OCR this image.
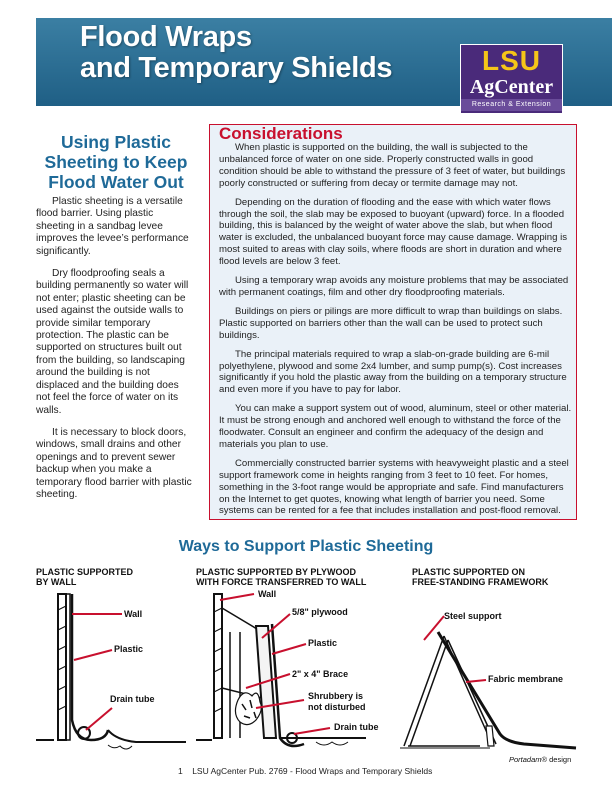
Flood Wraps
and Temporary Shields	LSU
AgCenter
Research & Extension
Using Plastic Sheeting to Keep Flood Water Out

Plastic sheeting is a versatile flood barrier. Using plastic sheeting in a sandbag levee improves the levee’s performance significantly.

Dry floodproofing seals a building permanently so water will not enter; plastic sheeting can be used against the outside walls to provide similar temporary protection. The plastic can be supported on structures built out from the building, so landscaping around the building is not displaced and the building does not feel the force of water on its walls.

It is necessary to block doors, windows, small drains and other openings and to prevent sewer backup when you make a temporary flood barrier with plastic sheeting.

Considerations

When plastic is supported on the building, the wall is subjected to the unbalanced force of water on one side. Properly constructed walls in good condition should be able to withstand the pressure of 3 feet of water, but buildings poorly constructed or suffering from decay or termite damage may not.

Depending on the duration of flooding and the ease with which water flows through the soil, the slab may be exposed to buoyant (upward) force. In a flooded building, this is balanced by the weight of water above the slab, but when flood water is excluded, the unbalanced buoyant force may cause damage. Wrapping is most suited to areas with clay soils, where floods are short in duration and where flood levels are below 3 feet.

Using a temporary wrap avoids any moisture problems that may be associated with permanent coatings, film and other dry floodproofing materials.

Buildings on piers or pilings are more difficult to wrap than buildings on slabs. Plastic supported on barriers other than the wall can be used to protect such buildings.

The principal materials required to wrap a slab-on-grade building are 6-mil polyethylene, plywood and some 2x4 lumber, and sump pump(s). Cost increases significantly if you hold the plastic away from the building on a temporary structure and even more if you have to pay for labor.

You can make a support system out of wood, aluminum, steel or other material. It must be strong enough and anchored well enough to withstand the force of the floodwater. Consult an engineer and confirm the adequacy of the design and materials you plan to use.

Commercially constructed barrier systems with heavyweight plastic and a steel support framework come in heights ranging from 3 feet to 10 feet. For homes, something in the 3-foot range would be appropriate and safe. Find manufacturers on the Internet to get quotes, knowing what length of barrier you need. Some systems can be rented for a fee that includes installation and post-flood removal.

Ways to Support Plastic Sheeting
PLASTIC SUPPORTED
BY WALL
Wall
Plastic
Drain tube
PLASTIC SUPPORTED BY PLYWOOD
WITH FORCE TRANSFERRED TO WALL
Wall
5/8" plywood
Plastic
2" x 4" Brace
Shrubbery is
not disturbed
Drain tube
PLASTIC SUPPORTED ON
FREE-STANDING FRAMEWORK
Steel support
Fabric membrane
Portadam® design
1 LSU AgCenter Pub. 2769 - Flood Wraps and Temporary Shields
